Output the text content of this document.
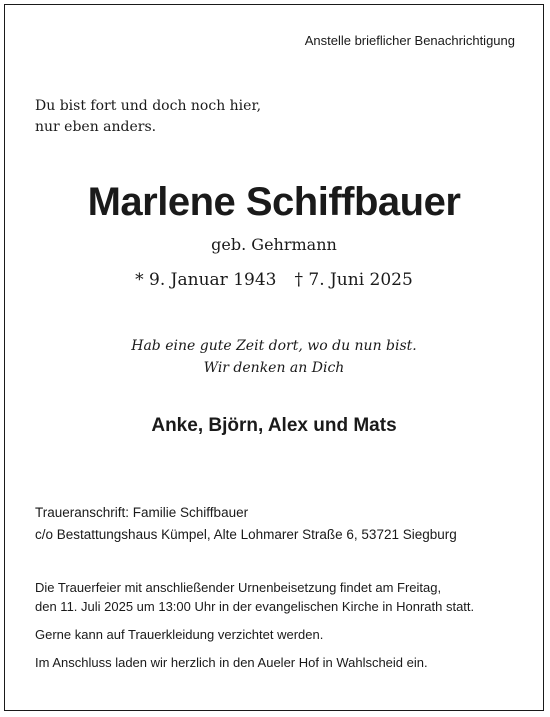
Anstelle brieflicher Benachrichtigung
Du bist fort und doch noch hier,
nur eben anders.
Marlene Schiffbauer
geb. Gehrmann
* 9. Januar 1943 † 7. Juni 2025
Hab eine gute Zeit dort, wo du nun bist.
Wir denken an Dich
Anke, Björn, Alex und Mats
Traueranschrift: Familie Schiffbauer
c/o Bestattungshaus Kümpel, Alte Lohmarer Straße 6, 53721 Siegburg
Die Trauerfeier mit anschließender Urnenbeisetzung findet am Freitag,
den 11. Juli 2025 um 13:00 Uhr in der evangelischen Kirche in Honrath statt.
Gerne kann auf Trauerkleidung verzichtet werden.
Im Anschluss laden wir herzlich in den Aueler Hof in Wahlscheid ein.
